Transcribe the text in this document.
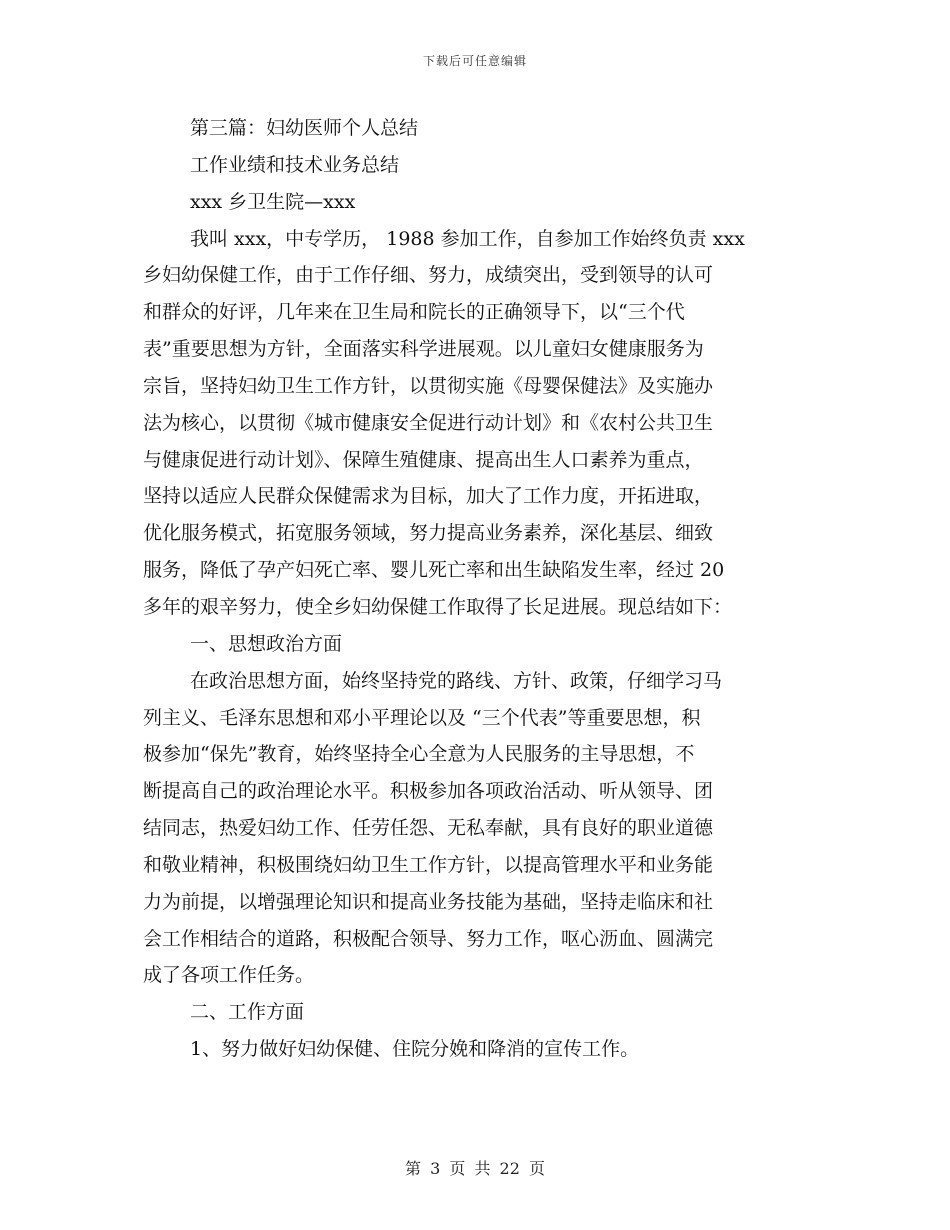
下载后可任意编辑
第三篇：妇幼医师个人总结
工作业绩和技术业务总结
xxx 乡卫生院—xxx
我叫 xxx，中专学历， 1988 参加工作，自参加工作始终负责 xxx
乡妇幼保健工作，由于工作仔细、努力，成绩突出，受到领导的认可
和群众的好评，几年来在卫生局和院长的正确领导下，以“三个代
表”重要思想为方针，全面落实科学进展观。以儿童妇女健康服务为
宗旨，坚持妇幼卫生工作方针，以贯彻实施《母婴保健法》及实施办
法为核心，以贯彻《城市健康安全促进行动计划》和《农村公共卫生
与健康促进行动计划》、保障生殖健康、提高出生人口素养为重点，
坚持以适应人民群众保健需求为目标，加大了工作力度，开拓进取，
优化服务模式，拓宽服务领域，努力提高业务素养，深化基层、细致
服务，降低了孕产妇死亡率、婴儿死亡率和出生缺陷发生率，经过 20
多年的艰辛努力，使全乡妇幼保健工作取得了长足进展。现总结如下：
一、思想政治方面
在政治思想方面，始终坚持党的路线、方针、政策，仔细学习马
列主义、毛泽东思想和邓小平理论以及 “三个代表”等重要思想，积
极参加“保先”教育，始终坚持全心全意为人民服务的主导思想，不
断提高自己的政治理论水平。积极参加各项政治活动、听从领导、团
结同志，热爱妇幼工作、任劳任怨、无私奉献，具有良好的职业道德
和敬业精神，积极围绕妇幼卫生工作方针，以提高管理水平和业务能
力为前提，以增强理论知识和提高业务技能为基础，坚持走临床和社
会工作相结合的道路，积极配合领导、努力工作，呕心沥血、圆满完
成了各项工作任务。
二、工作方面
1、努力做好妇幼保健、住院分娩和降消的宣传工作。
第 3 页 共 22 页
